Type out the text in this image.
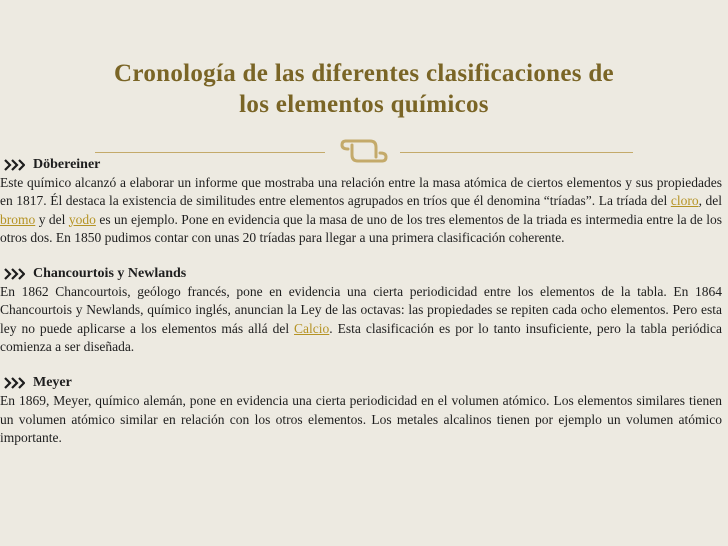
Cronología de las diferentes clasificaciones de
los elementos químicos
Döbereiner

Este químico alcanzó a elaborar un informe que mostraba una relación entre la masa atómica de ciertos elementos y sus propiedades en 1817. Él destaca la existencia de similitudes entre elementos agrupados en tríos que él denomina “tríadas”. La tríada del cloro, del bromo y del yodo es un ejemplo. Pone en evidencia que la masa de uno de los tres elementos de la triada es intermedia entre la de los otros dos. En 1850 pudimos contar con unas 20 tríadas para llegar a una primera clasificación coherente.

Chancourtois y Newlands

En 1862 Chancourtois, geólogo francés, pone en evidencia una cierta periodicidad entre los elementos de la tabla. En 1864 Chancourtois y Newlands, químico inglés, anuncian la Ley de las octavas: las propiedades se repiten cada ocho elementos. Pero esta ley no puede aplicarse a los elementos más allá del Calcio. Esta clasificación es por lo tanto insuficiente, pero la tabla periódica comienza a ser diseñada.

Meyer

En 1869, Meyer, químico alemán, pone en evidencia una cierta periodicidad en el volumen atómico. Los elementos similares tienen un volumen atómico similar en relación con los otros elementos. Los metales alcalinos tienen por ejemplo un volumen atómico importante.
